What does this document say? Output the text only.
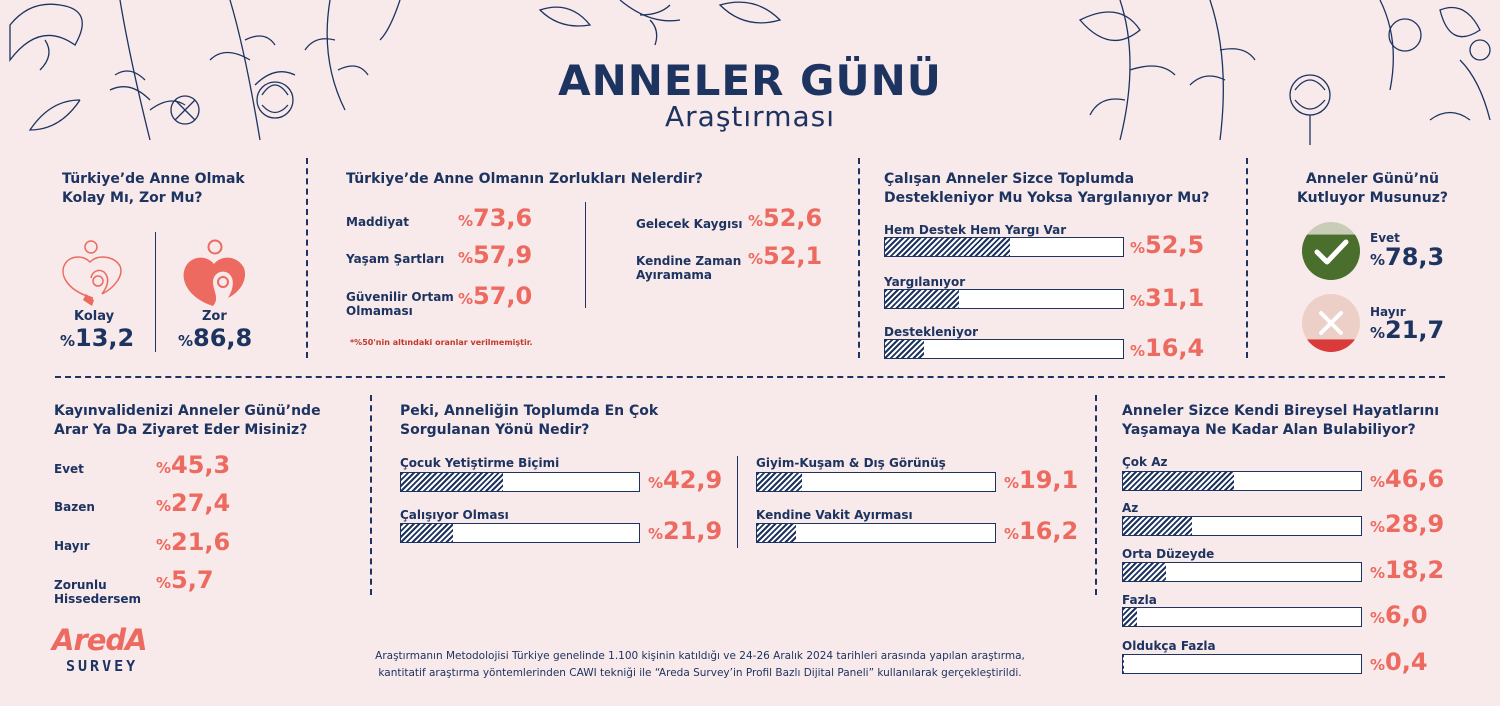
ANNELER GÜNÜ
Araştırması
Türkiye’de Anne Olmak
Kolay Mı, Zor Mu?
Kolay
%13,2
Zor
%86,8
Türkiye’de Anne Olmanın Zorlukları Nelerdir?
Maddiyat	%73,6
Yaşam Şartları %57,9
Güvenilir Ortam
Olmaması
%57,0
Gelecek Kaygısı %52,6
Kendine Zaman
Ayıramama
%52,1
*%50'nin altındaki oranlar verilmemiştir.
Çalışan Anneler Sizce Toplumda
Destekleniyor Mu Yoksa Yargılanıyor Mu?
Hem Destek Hem Yargı Var
%52,5
Yargılanıyor
%31,1
Destekleniyor
%16,4
Anneler Günü’nü
Kutluyor Musunuz?
Evet
%78,3
Hayır
%21,7
Kayınvalidenizi Anneler Günü’nde
Arar Ya Da Ziyaret Eder Misiniz?
Evet	%45,3
Bazen	%27,4
Hayır	%21,6
Zorunlu
Hissedersem
%5,7
Peki, Anneliğin Toplumda En Çok
Sorgulanan Yönü Nedir?
Çocuk Yetiştirme Biçimi
%42,9
Çalışıyor Olması
%21,9
Giyim-Kuşam & Dış Görünüş
%19,1
Kendine Vakit Ayırması
%16,2
Anneler Sizce Kendi Bireysel Hayatlarını
Yaşamaya Ne Kadar Alan Bulabiliyor?
Çok Az
%46,6
Az
%28,9
Orta Düzeyde
%18,2
Fazla
%6,0
Oldukça Fazla
%0,4
AredA
SURVEY
Araştırmanın Metodolojisi Türkiye genelinde 1.100 kişinin katıldığı ve 24-26 Aralık 2024 tarihleri arasında yapılan araştırma,
kantitatif araştırma yöntemlerinden CAWI tekniği ile “Areda Survey’in Profil Bazlı Dijital Paneli” kullanılarak gerçekleştirildi.
